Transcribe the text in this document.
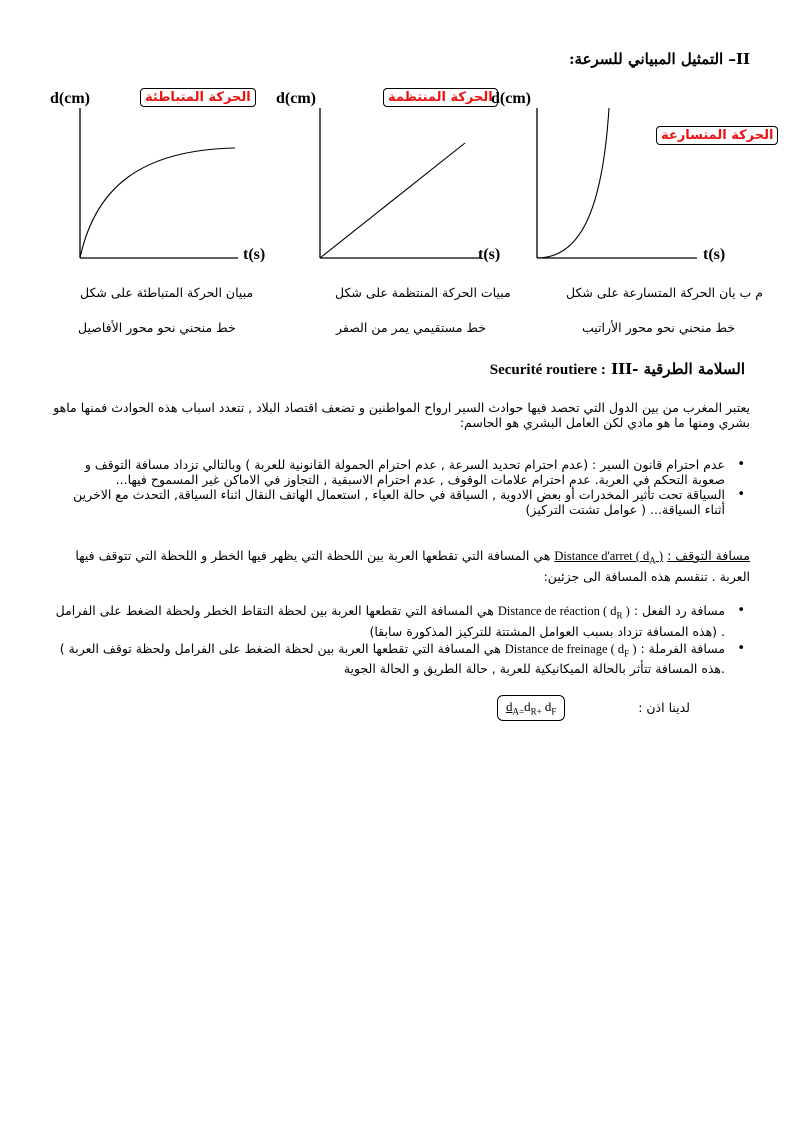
II– التمثيل المبياني للسرعة:
d(cm)	الحركة المتباطئة
t(s)
مبيان الحركة المتباطئة على شكل
خط منحني نحو محور الأفاصيل
d(cm)	الحركة المنتظمة
t(s)
مبيات الحركة المنتظمة على شكل
خط مستقيمي يمر من الصفر
d(cm)
الحركة المتسارعة
t(s)
م ب يان الحركة المتسارعة على شكل
خط منحني نحو محور الأراتيب
Securité routiere : السلامة الطرقية -III
يعتبر المغرب من بين الدول التي تحصد فيها حوادث السير ارواح المواطنين و تضعف اقتصاد البلاد , تتعدد اسباب هذه الحوادث فمنها ماهو بشري ومنها ما هو مادي لكن العامل البشري هو الحاسم:
• عدم احترام قانون السير : (عدم احترام تحديد السرعة , عدم احترام الحمولة القانونية للعربة ) وبالتالي تزداد مسافة التوقف و صعوبة التحكم في العربة. عدم احترام علامات الوقوف , عدم احترام الاسبقية , التجاوز في الاماكن غير المسموح فيها...
• السياقة تحت تأثير المخدرات أو بعض الادوية , السياقة في حالة العياء , استعمال الهاتف النقال اثناء السياقة, التحدث مع الاخرين أثناء السياقة... ( عوامل تشتت التركيز)
مسافة التوقف : Distance d'arret ( $d_A$ ) هي المسافة التي تقطعها العربة بين اللحظة التي يظهر فيها الخطر و اللحظة التي تتوقف فيها العربة . تنقسم هذه المسافة الى جزئين:
• مسافة رد الفعل : Distance de réaction ( $d_R$ ) هي المسافة التي تقطعها العربة بين لحظة التقاط الخطر ولحظة الضغط على الفرامل . (هذه المسافة تزداد بسبب العوامل المشتتة للتركيز المذكورة سابقا)
• مسافة الفرملة : Distance de freinage ( $d_F$ ) هي المسافة التي تقطعها العربة بين لحظة الضغط على الفرامل ولحظة توقف العربة ) .هذه المسافة تتأثر بالحالة الميكانيكية للعربة , حالة الطريق و الحالة الجوية
لدينا اذن :
$d_{A=}d_{R+}$ $d_F$
